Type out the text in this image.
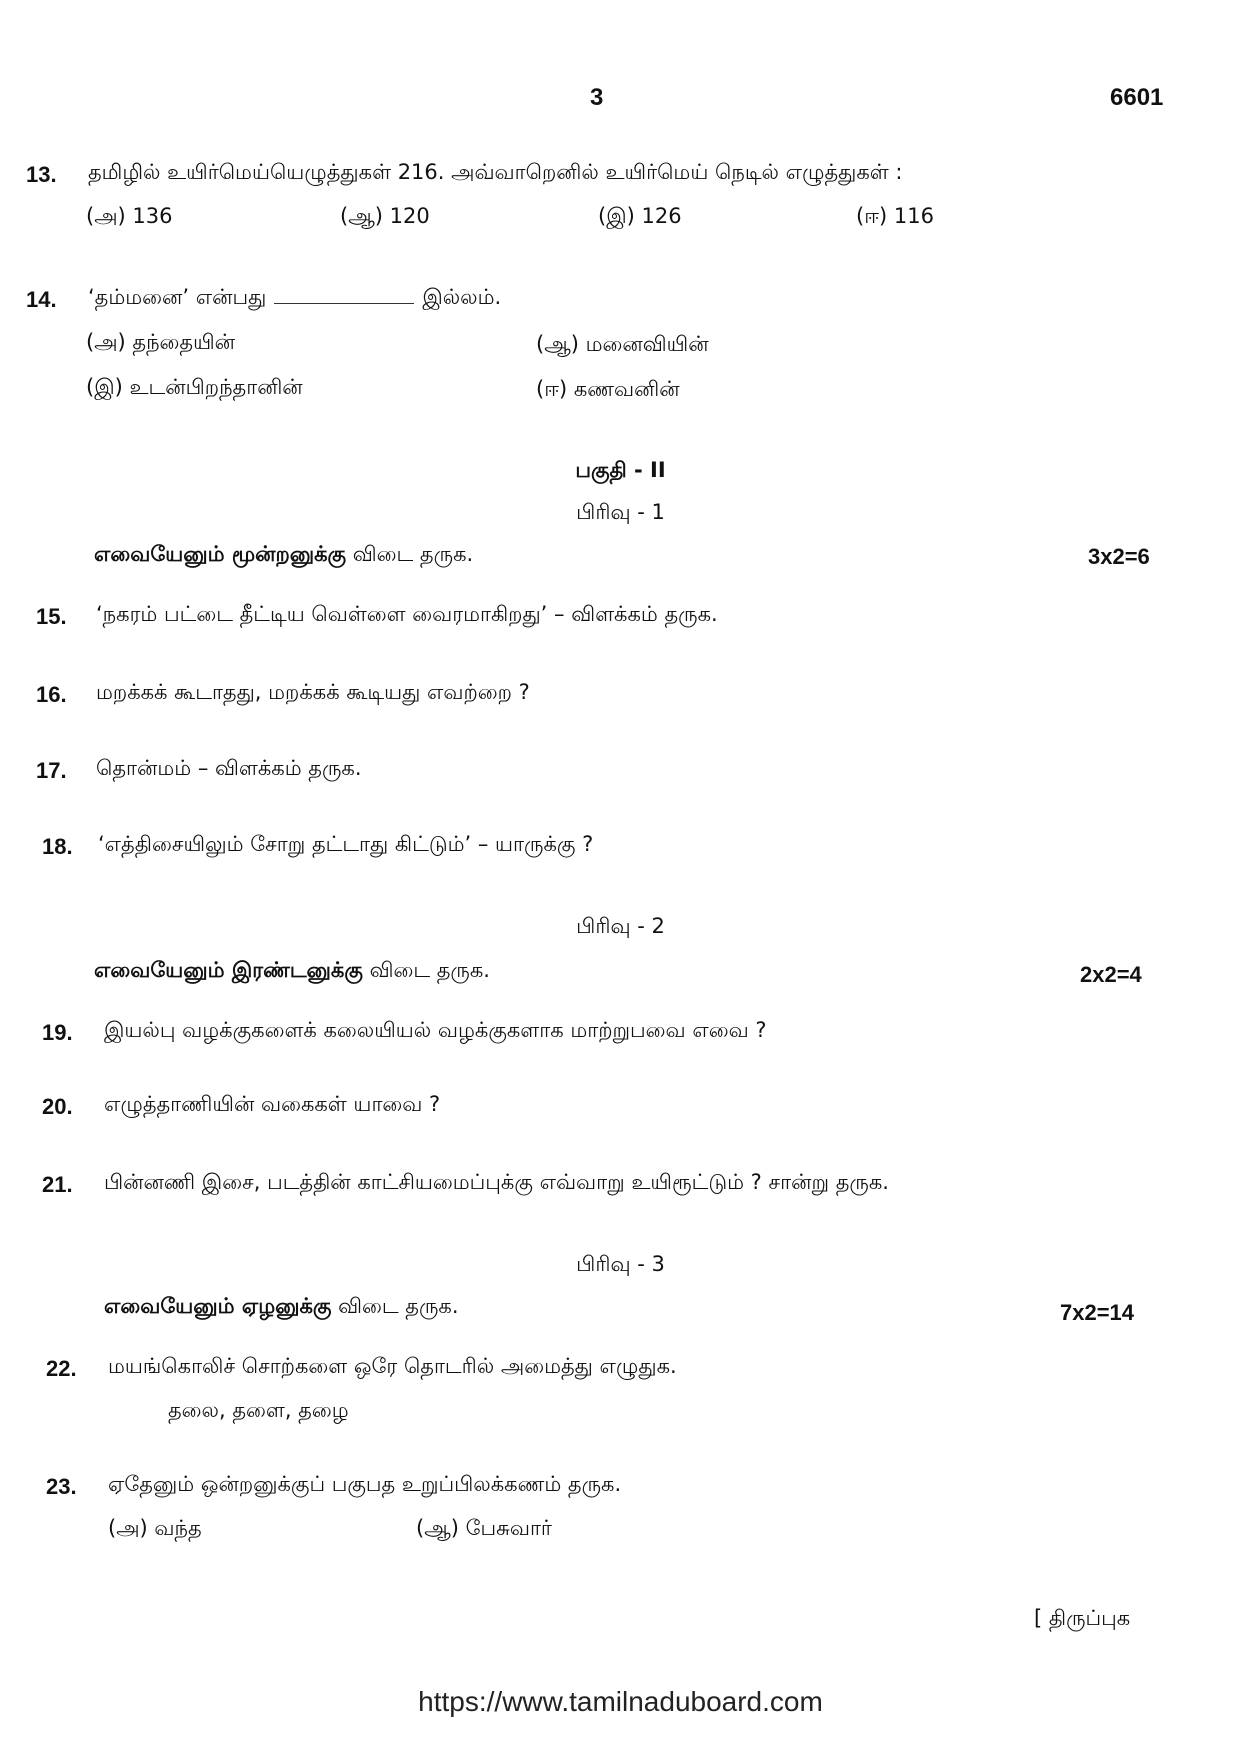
3	6601
13. தமிழில் உயிர்மெய்யெழுத்துகள் 216. அவ்வாறெனில் உயிர்மெய் நெடில் எழுத்துகள் :
(அ) 136	(ஆ) 120	(இ) 126	(ஈ) 116
14. ‘தம்மனை’ என்பது	இல்லம்.
(அ) தந்தையின்	(ஆ) மனைவியின்
(இ) உடன்பிறந்தானின்	(ஈ) கணவனின்
பகுதி - II
பிரிவு - 1
எவையேனும் மூன்றனுக்கு விடை தருக.	3x2=6
15. ‘நகரம் பட்டை தீட்டிய வெள்ளை வைரமாகிறது’ – விளக்கம் தருக.
16. மறக்கக் கூடாதது, மறக்கக் கூடியது எவற்றை ?
17. தொன்மம் – விளக்கம் தருக.
18. ‘எத்திசையிலும் சோறு தட்டாது கிட்டும்’ – யாருக்கு ?
பிரிவு - 2
எவையேனும் இரண்டனுக்கு விடை தருக.	2x2=4
19. இயல்பு வழக்குகளைக் கலையியல் வழக்குகளாக மாற்றுபவை எவை ?
20. எழுத்தாணியின் வகைகள் யாவை ?
21. பின்னணி இசை, படத்தின் காட்சியமைப்புக்கு எவ்வாறு உயிரூட்டும் ? சான்று தருக.
பிரிவு - 3
எவையேனும் ஏழனுக்கு விடை தருக.	7x2=14
22. மயங்கொலிச் சொற்களை ஒரே தொடரில் அமைத்து எழுதுக.
தலை, தளை, தழை
23. ஏதேனும் ஒன்றனுக்குப் பகுபத உறுப்பிலக்கணம் தருக.
(அ) வந்த	(ஆ) பேசுவார்
[ திருப்புக
https://www.tamilnaduboard.com
